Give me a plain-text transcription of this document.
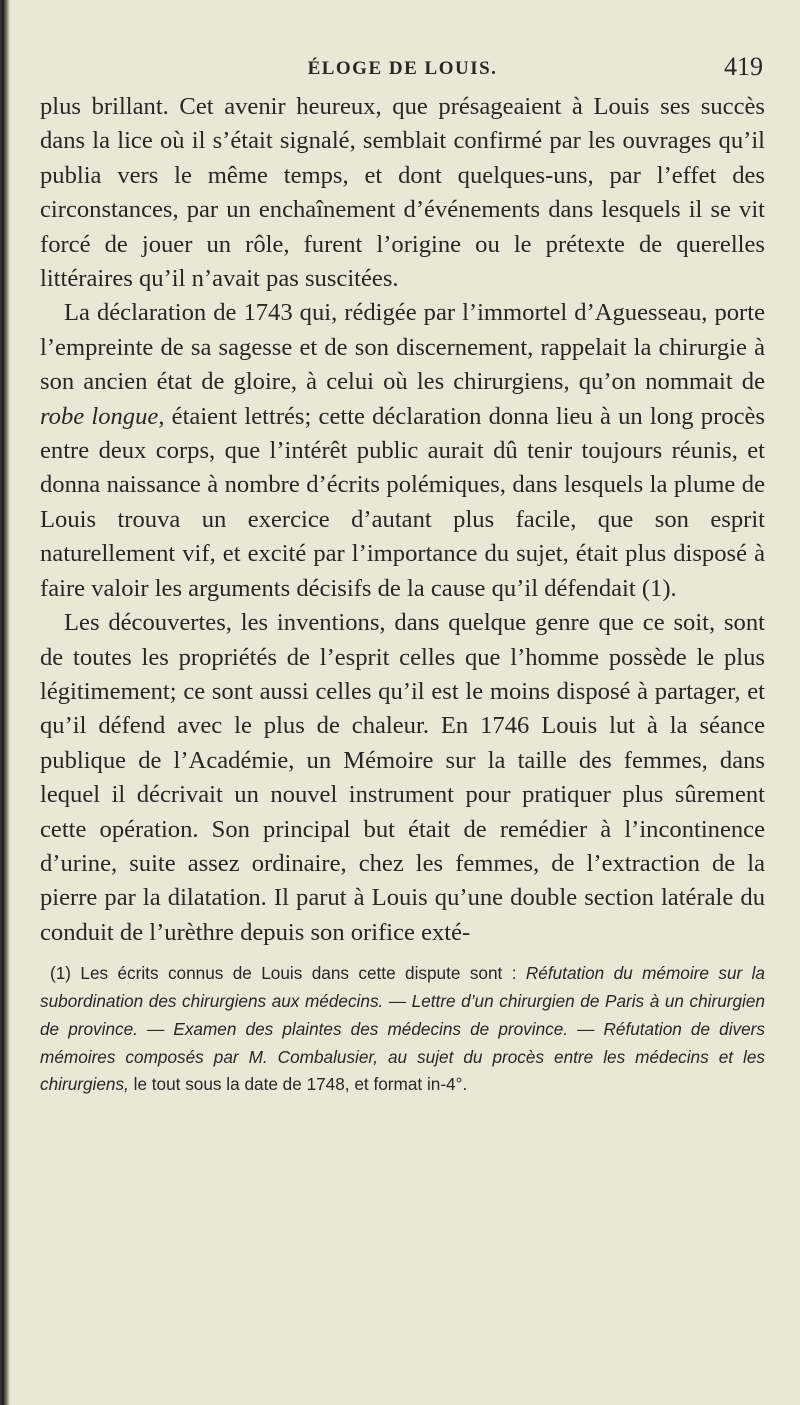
ÉLOGE DE LOUIS.	419

plus brillant. Cet avenir heureux, que présageaient à Louis ses succès dans la lice où il s’était signalé, semblait confirmé par les ouvrages qu’il publia vers le même temps, et dont quelques-uns, par l’effet des circonstances, par un enchaînement d’événements dans lesquels il se vit forcé de jouer un rôle, furent l’origine ou le prétexte de querelles littéraires qu’il n’avait pas suscitées.

La déclaration de 1743 qui, rédigée par l’immortel d’Aguesseau, porte l’empreinte de sa sagesse et de son discernement, rappelait la chirurgie à son ancien état de gloire, à celui où les chirurgiens, qu’on nommait de robe longue, étaient lettrés; cette déclaration donna lieu à un long procès entre deux corps, que l’intérêt public aurait dû tenir toujours réunis, et donna naissance à nombre d’écrits polémiques, dans lesquels la plume de Louis trouva un exercice d’autant plus facile, que son esprit naturellement vif, et excité par l’importance du sujet, était plus disposé à faire valoir les arguments décisifs de la cause qu’il défendait (1).

Les découvertes, les inventions, dans quelque genre que ce soit, sont de toutes les propriétés de l’esprit celles que l’homme possède le plus légitimement; ce sont aussi celles qu’il est le moins disposé à partager, et qu’il défend avec le plus de chaleur. En 1746 Louis lut à la séance publique de l’Académie, un Mémoire sur la taille des femmes, dans lequel il décrivait un nouvel instrument pour pratiquer plus sûrement cette opération. Son principal but était de remédier à l’incontinence d’urine, suite assez ordinaire, chez les femmes, de l’extraction de la pierre par la dilatation. Il parut à Louis qu’une double section latérale du conduit de l’urèthre depuis son orifice exté-

(1) Les écrits connus de Louis dans cette dispute sont : Réfutation du mémoire sur la subordination des chirurgiens aux médecins. — Lettre d’un chirurgien de Paris à un chirurgien de province. — Examen des plaintes des médecins de province. — Réfutation de divers mémoires composés par M. Combalusier, au sujet du procès entre les médecins et les chirurgiens, le tout sous la date de 1748, et format in-4°.
